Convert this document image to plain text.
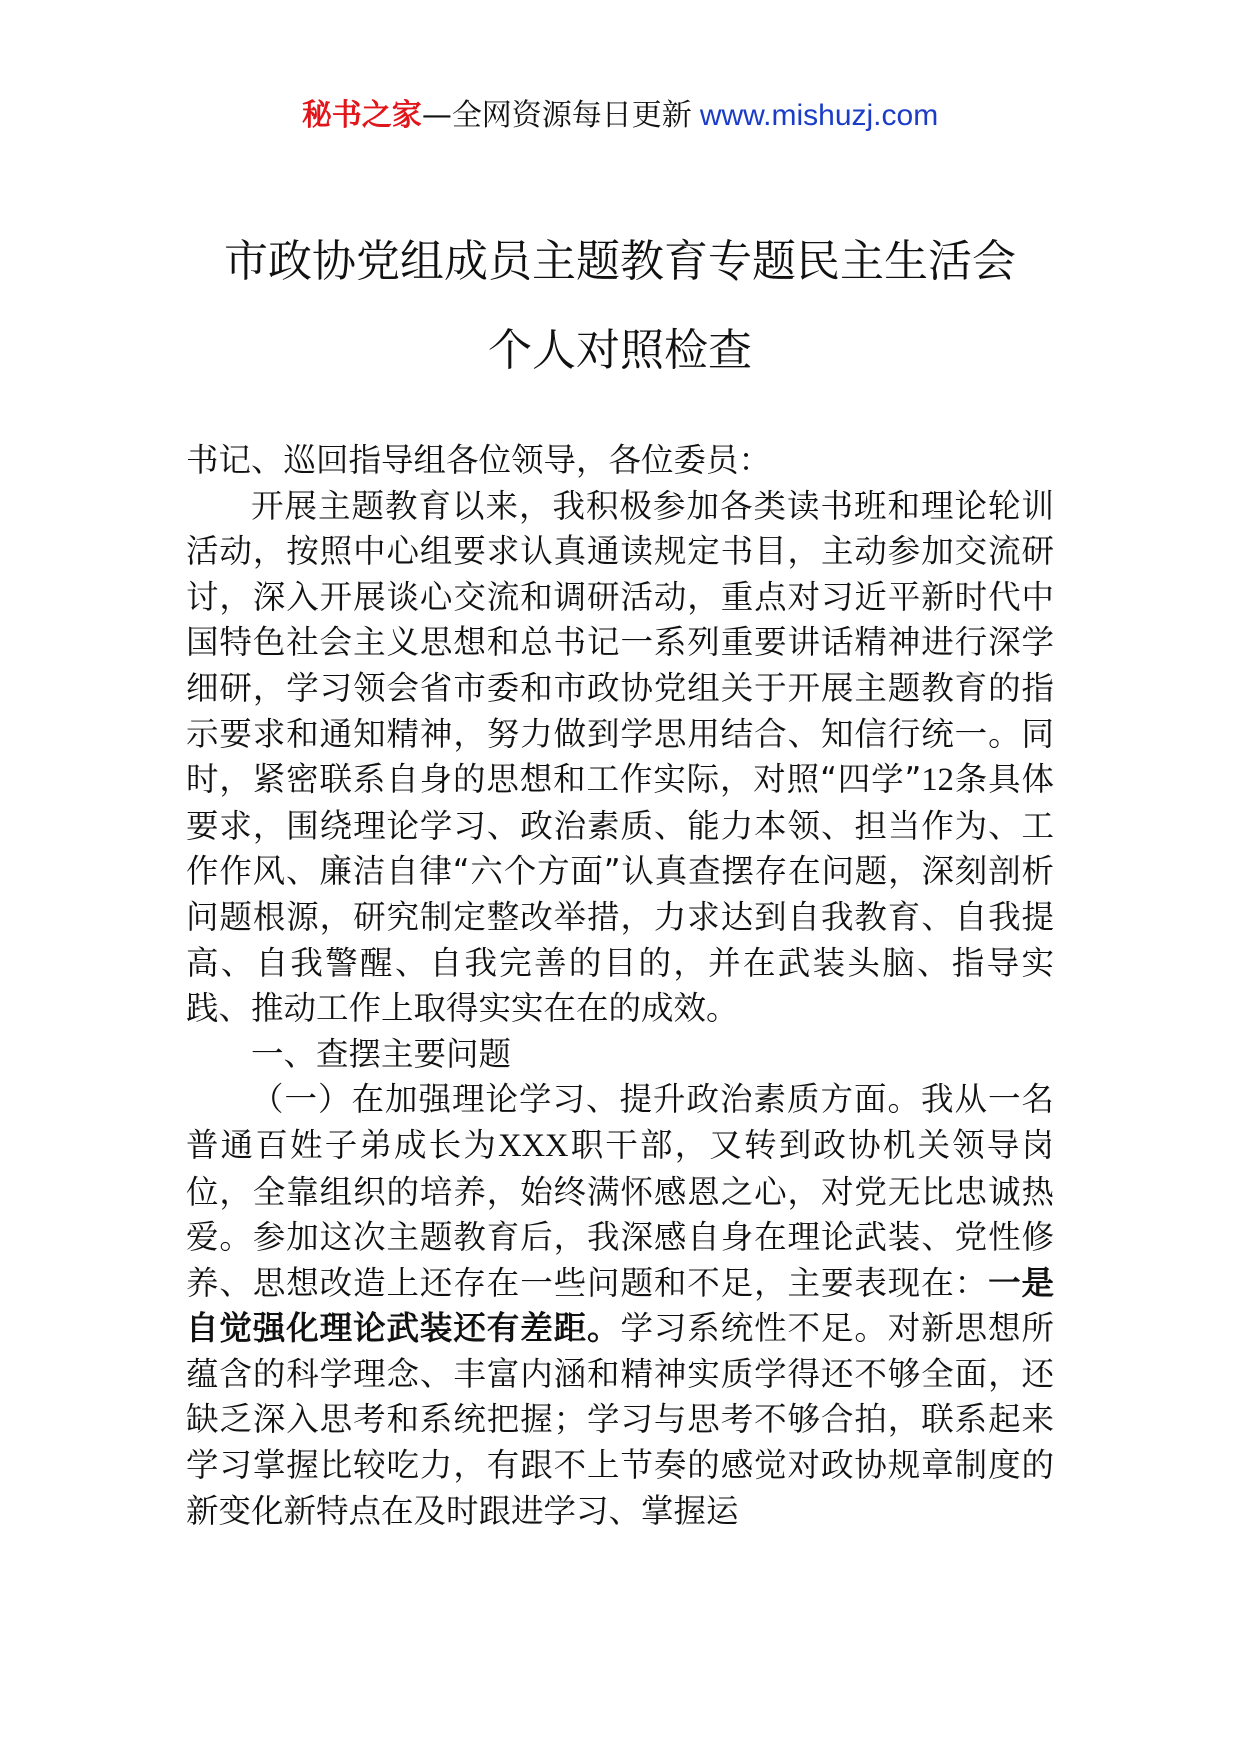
秘书之家—全网资源每日更新 www.mishuzj.com
市政协党组成员主题教育专题民主生活会
个人对照检查

书记、巡回指导组各位领导，各位委员：

开展主题教育以来，我积极参加各类读书班和理论轮训活动，按照中心组要求认真通读规定书目，主动参加交流研讨，深入开展谈心交流和调研活动，重点对习近平新时代中国特色社会主义思想和总书记一系列重要讲话精神进行深学细研，学习领会省市委和市政协党组关于开展主题教育的指示要求和通知精神，努力做到学思用结合、知信行统一。同时，紧密联系自身的思想和工作实际，对照“四学”12条具体要求，围绕理论学习、政治素质、能力本领、担当作为、工作作风、廉洁自律“六个方面”认真查摆存在问题，深刻剖析问题根源，研究制定整改举措，力求达到自我教育、自我提高、自我警醒、自我完善的目的，并在武装头脑、指导实践、推动工作上取得实实在在的成效。

一、查摆主要问题

（一）在加强理论学习、提升政治素质方面。我从一名普通百姓子弟成长为XXX职干部，又转到政协机关领导岗位，全靠组织的培养，始终满怀感恩之心，对党无比忠诚热爱。参加这次主题教育后，我深感自身在理论武装、党性修养、思想改造上还存在一些问题和不足，主要表现在：一是自觉强化理论武装还有差距。学习系统性不足。对新思想所蕴含的科学理念、丰富内涵和精神实质学得还不够全面，还缺乏深入思考和系统把握；学习与思考不够合拍，联系起来学习掌握比较吃力，有跟不上节奏的感觉对政协规章制度的新变化新特点在及时跟进学习、掌握运
